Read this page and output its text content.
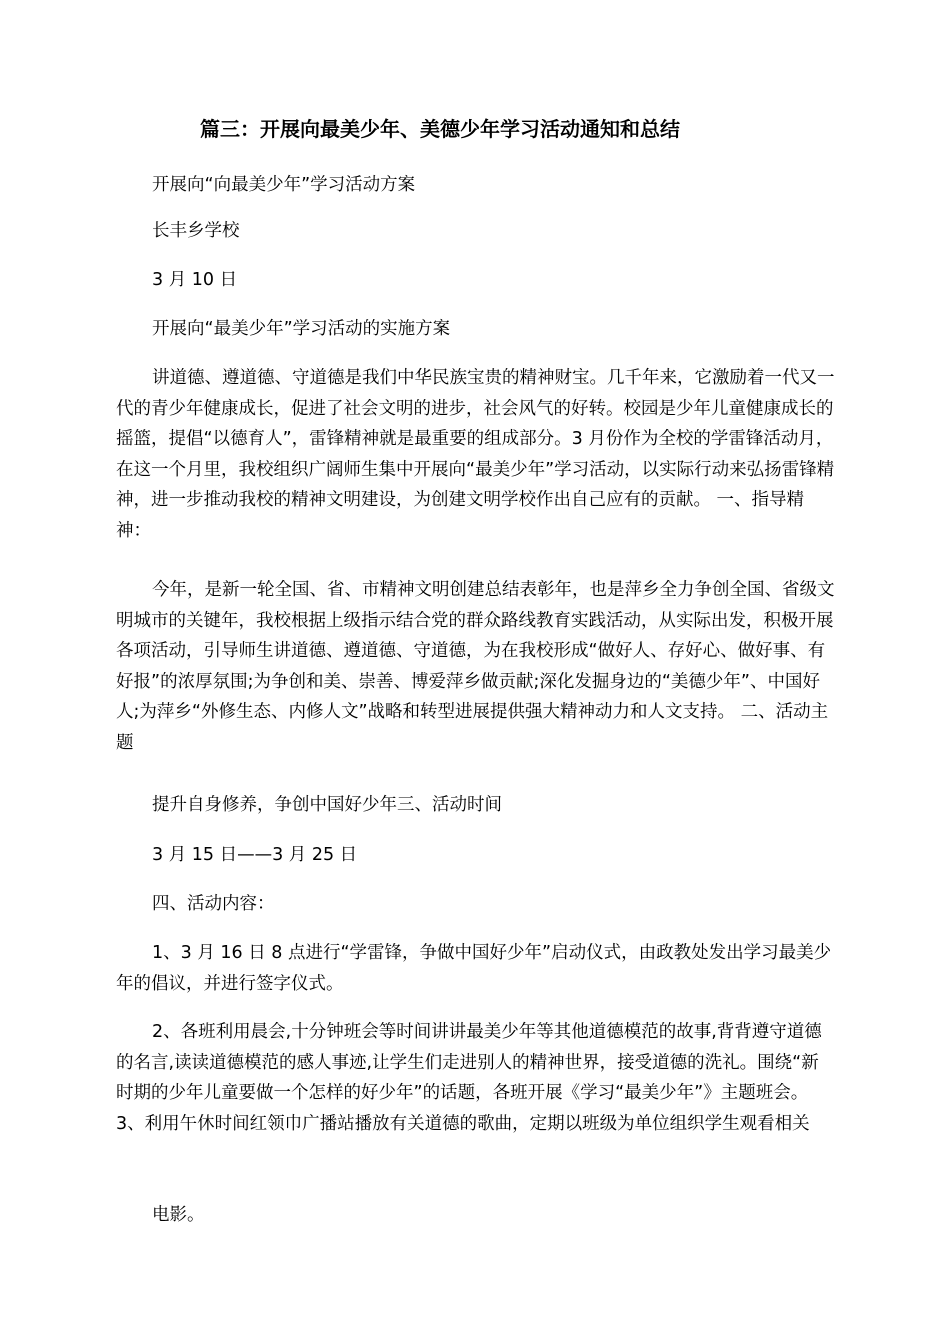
篇三：开展向最美少年、美德少年学习活动通知和总结

开展向“向最美少年”学习活动方案

长丰乡学校

3 月 10 日

开展向“最美少年”学习活动的实施方案

讲道德、遵道德、守道德是我们中华民族宝贵的精神财宝。几千年来，它激励着一代又一代的青少年健康成长，促进了社会文明的进步，社会风气的好转。校园是少年儿童健康成长的摇篮，提倡“以德育人”，雷锋精神就是最重要的组成部分。3 月份作为全校的学雷锋活动月，在这一个月里，我校组织广阔师生集中开展向“最美少年”学习活动，以实际行动来弘扬雷锋精神，进一步推动我校的精神文明建设，为创建文明学校作出自己应有的贡献。 一、指导精神：

今年，是新一轮全国、省、市精神文明创建总结表彰年，也是萍乡全力争创全国、省级文明城市的关键年，我校根据上级指示结合党的群众路线教育实践活动，从实际出发，积极开展各项活动，引导师生讲道德、遵道德、守道德，为在我校形成“做好人、存好心、做好事、有好报”的浓厚氛围;为争创和美、崇善、博爱萍乡做贡献;深化发掘身边的“美德少年”、中国好人;为萍乡“外修生态、内修人文”战略和转型进展提供强大精神动力和人文支持。 二、活动主题

提升自身修养，争创中国好少年三、活动时间

3 月 15 日——3 月 25 日

四、活动内容：

1、3 月 16 日 8 点进行“学雷锋，争做中国好少年”启动仪式，由政教处发出学习最美少年的倡议，并进行签字仪式。

2、各班利用晨会,十分钟班会等时间讲讲最美少年等其他道德模范的故事,背背遵守道德的名言,读读道德模范的感人事迹,让学生们走进别人的精神世界，接受道德的洗礼。围绕“新时期的少年儿童要做一个怎样的好少年”的话题，各班开展《学习“最美少年”》主题班会。 3、利用午休时间红领巾广播站播放有关道德的歌曲，定期以班级为单位组织学生观看相关

电影。
